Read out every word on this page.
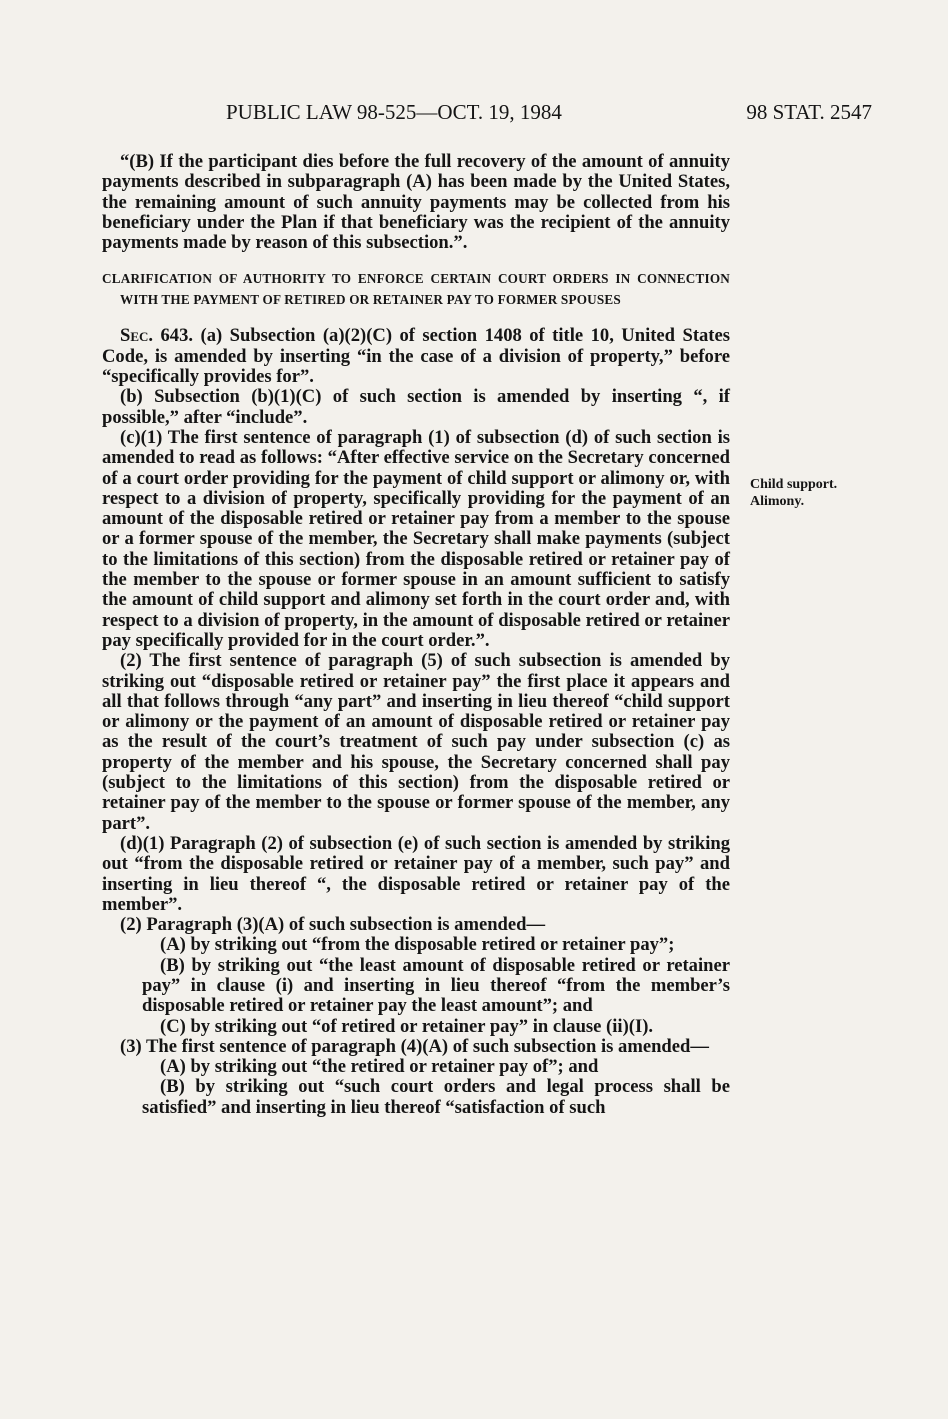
PUBLIC LAW 98-525—OCT. 19, 1984	98 STAT. 2547

“(B) If the participant dies before the full recovery of the amount of annuity payments described in subparagraph (A) has been made by the United States, the remaining amount of such annuity payments may be collected from his beneficiary under the Plan if that beneficiary was the recipient of the annuity payments made by reason of this subsection.”.

CLARIFICATION OF AUTHORITY TO ENFORCE CERTAIN COURT ORDERS IN CONNECTION WITH THE PAYMENT OF RETIRED OR RETAINER PAY TO FORMER SPOUSES

Sec. 643. (a) Subsection (a)(2)(C) of section 1408 of title 10, United States Code, is amended by inserting “in the case of a division of property,” before “specifically provides for”.

(b) Subsection (b)(1)(C) of such section is amended by inserting “, if possible,” after “include”.

(c)(1) The first sentence of paragraph (1) of subsection (d) of such section is amended to read as follows: “After effective service on the Secretary concerned of a court order providing for the payment of child support or alimony or, with respect to a division of property, specifically providing for the payment of an amount of the disposable retired or retainer pay from a member to the spouse or a former spouse of the member, the Secretary shall make payments (subject to the limitations of this section) from the disposable retired or retainer pay of the member to the spouse or former spouse in an amount sufficient to satisfy the amount of child support and alimony set forth in the court order and, with respect to a division of property, in the amount of disposable retired or retainer pay specifically provided for in the court order.”.

(2) The first sentence of paragraph (5) of such subsection is amended by striking out “disposable retired or retainer pay” the first place it appears and all that follows through “any part” and inserting in lieu thereof “child support or alimony or the payment of an amount of disposable retired or retainer pay as the result of the court’s treatment of such pay under subsection (c) as property of the member and his spouse, the Secretary concerned shall pay (subject to the limitations of this section) from the disposable retired or retainer pay of the member to the spouse or former spouse of the member, any part”.

(d)(1) Paragraph (2) of subsection (e) of such section is amended by striking out “from the disposable retired or retainer pay of a member, such pay” and inserting in lieu thereof “, the disposable retired or retainer pay of the member”.

(2) Paragraph (3)(A) of such subsection is amended—

(A) by striking out “from the disposable retired or retainer pay”;

(B) by striking out “the least amount of disposable retired or retainer pay” in clause (i) and inserting in lieu thereof “from the member’s disposable retired or retainer pay the least amount”; and

(C) by striking out “of retired or retainer pay” in clause (ii)(I).

(3) The first sentence of paragraph (4)(A) of such subsection is amended—

(A) by striking out “the retired or retainer pay of”; and

(B) by striking out “such court orders and legal process shall be satisfied” and inserting in lieu thereof “satisfaction of such

Child support.
Alimony.
